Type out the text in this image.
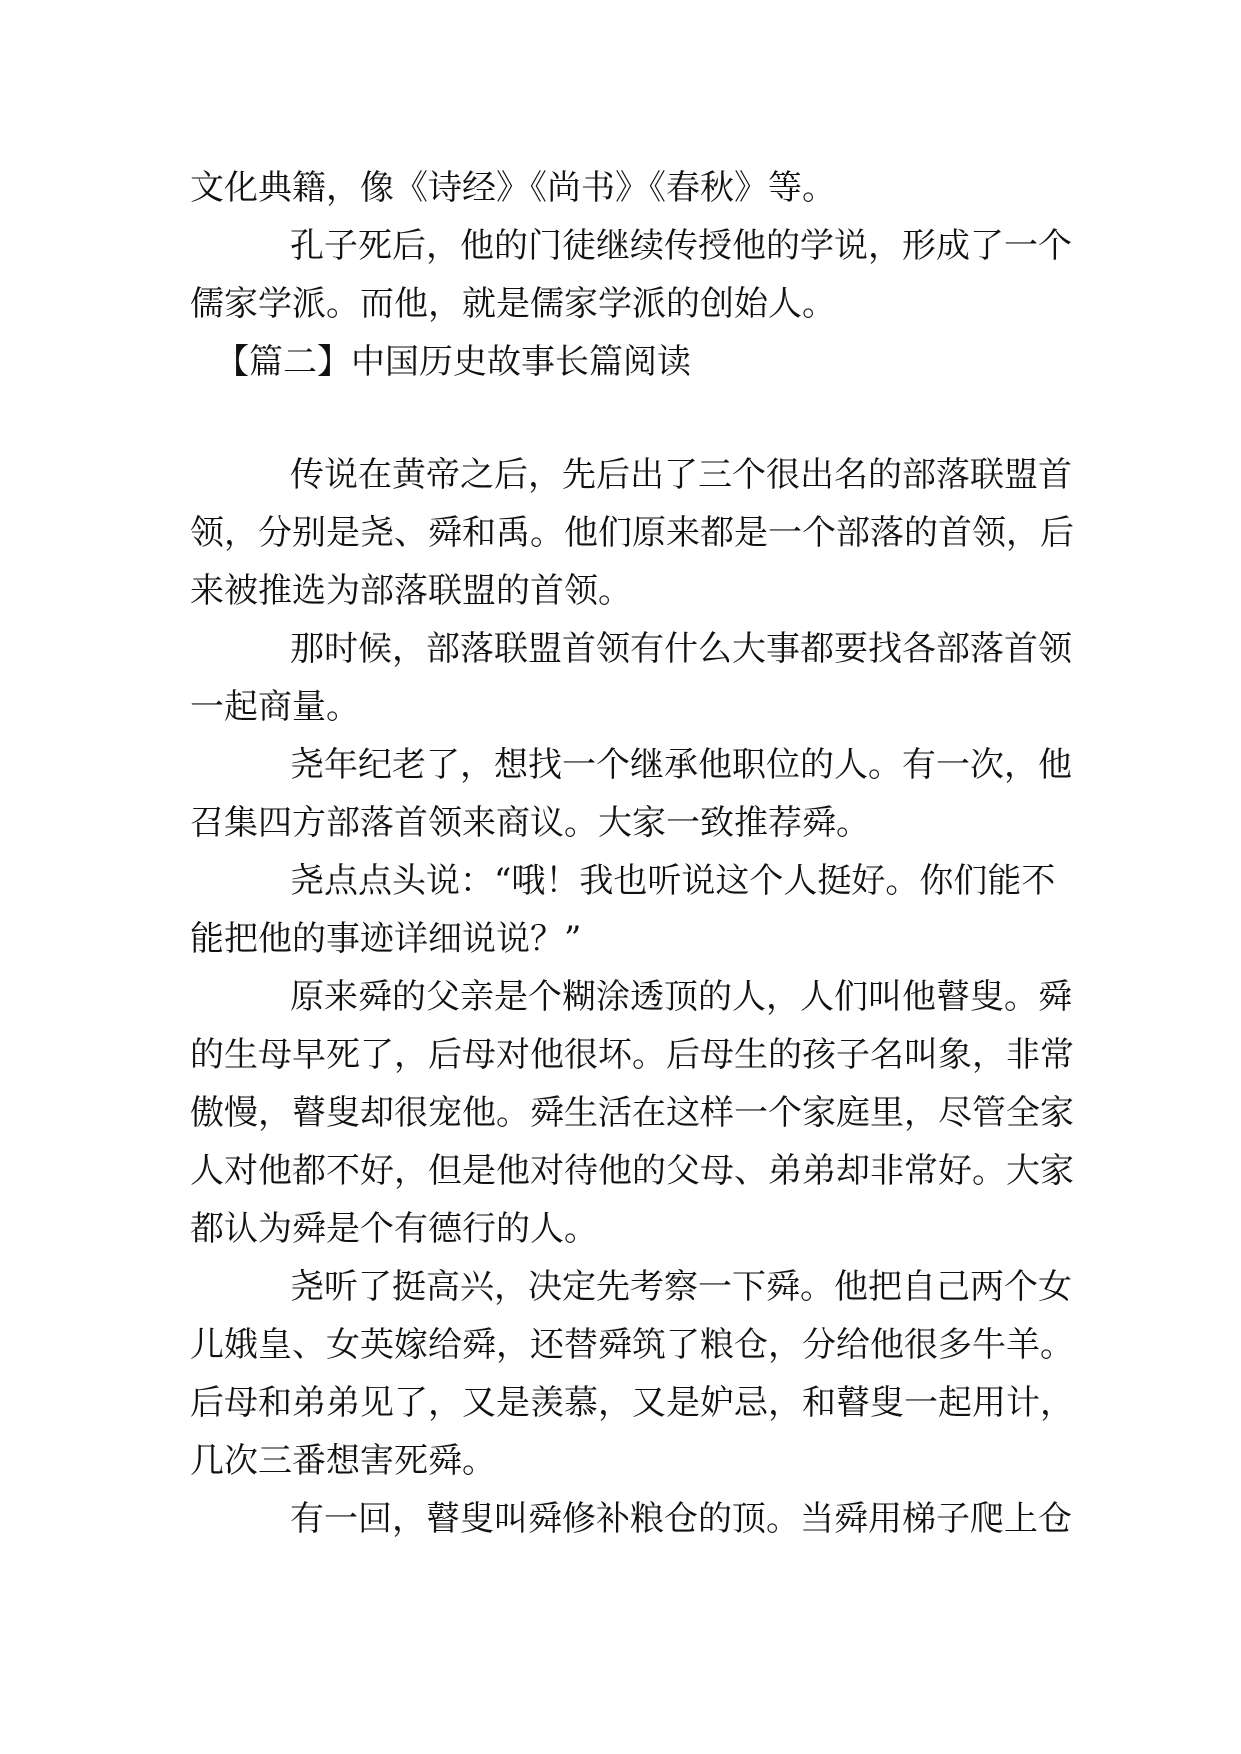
文化典籍，像《诗经》《尚书》《春秋》等。
孔子死后，他的门徒继续传授他的学说，形成了一个
儒家学派。而他，就是儒家学派的创始人。
【篇二】中国历史故事长篇阅读
传说在黄帝之后，先后出了三个很出名的部落联盟首
领，分别是尧、舜和禹。他们原来都是一个部落的首领，后
来被推选为部落联盟的首领。
那时候，部落联盟首领有什么大事都要找各部落首领
一起商量。
尧年纪老了，想找一个继承他职位的人。有一次，他
召集四方部落首领来商议。大家一致推荐舜。
尧点点头说：“哦！我也听说这个人挺好。你们能不
能把他的事迹详细说说？”
原来舜的父亲是个糊涂透顶的人，人们叫他瞽叟。舜
的生母早死了，后母对他很坏。后母生的孩子名叫象，非常
傲慢，瞽叟却很宠他。舜生活在这样一个家庭里，尽管全家
人对他都不好，但是他对待他的父母、弟弟却非常好。大家
都认为舜是个有德行的人。
尧听了挺高兴，决定先考察一下舜。他把自己两个女
儿娥皇、女英嫁给舜，还替舜筑了粮仓，分给他很多牛羊。
后母和弟弟见了，又是羡慕，又是妒忌，和瞽叟一起用计，
几次三番想害死舜。
有一回，瞽叟叫舜修补粮仓的顶。当舜用梯子爬上仓
